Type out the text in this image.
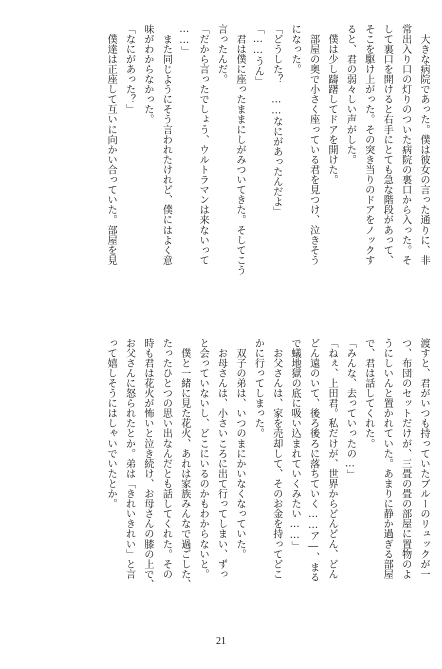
　大きな病院であった。僕は彼女の言った通りに、非
常出入り口の灯りのついた病院の裏口から入った。そ
して裏口を開けると右手にとても急な階段があって、
そこを駆け上がった。その突き当りのドアをノックす
ると、君の弱々しい声がした。
　僕は少し躊躇してドアを開けた。
　部屋の奥で小さく座っている君を見つけ、泣きそう
になった。
「どうした？　……なにがあったんだよ」
「……うん」
　君は僕に座ったままにしがみついてきた。そしてこう
言ったんだ。
「だから言ったでしょう、ウルトラマンは来ないって
……」
　また同じようにそう言われたけれど、僕にはよく意
味がわからなかった。
「なにがあった？」
　僕達は正座して互いに向かい合っていた。部屋を見
渡すと、君がいつも持っていたブルーのリュックが一
つ、布団のセットだけが、三畳の畳の部屋に置物のよ
うにしいんと置かれていた。あまりに静か過ぎる部屋
で、君は話してくれた。
「みんな、去っていったの…」
「ねぇ、上田君。私だけが、世界からどんどん、どん
どん遠のいて、後ろ後ろに落ちていく……ア―、まる
で蟻地獄の底に吸い込まれていくみたい……」
　お父さんは、家を売却して、そのお金を持ってどこ
かに行ってしまった。
　双子の弟は、いつのまにかいなくなっていた。
　お母さんは、小さいころに出て行ってしまい、ずっ
と会っていないし、どこにいるのかもわからないと。
　僕と一緒に見た花火、あれは家族みんなで過ごした、
たったひとつの思い出なんだとも話してくれた。その
時も君は花火が怖いと泣き続け、お母さんの膝の上で、
お父さんに怒られたとか。弟は「きれいきれい」と言
って嬉しそうにはしゃいでいたとか。
21
